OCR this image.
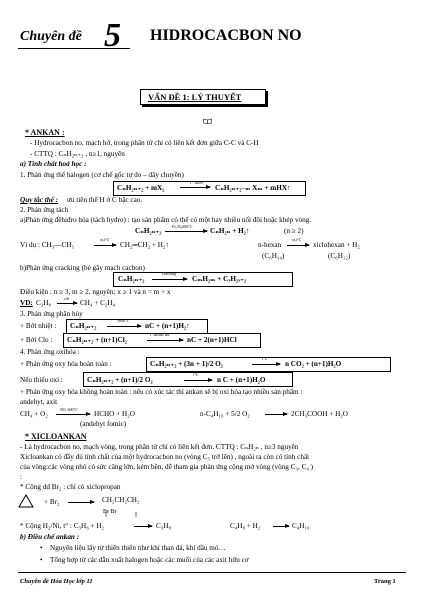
Chuyên đề 5 HIDROCACBON NO
VẤN ĐỀ 1: LÝ THUYẾT
* ANKAN :
- Hydrocacbon no, mạch hở, trong phân tử chỉ có liên kết đơn giữa C-C và C-H
- CTTQ : CₙH₂ₙ₊₂ , n≥1, nguyên
a) Tính chất hoá học :
1. Phản ứng thế halogen (cơ chế gốc tự do – dây chuyền)
CₙH₂ₙ₊₂ + mX₂
t°, ás/hν
CₙH₂ₙ₊₂₋ₘ Xₘ + mHX↑
Quy tắc thế : ưu tiên thế H ở C bậc cao.
2. Phản ứng tách
a)Phản ứng đềhiđro hóa (tách hydro) : tạo sản phẩm có thể có một hay nhiều nối đôi hoặc khép vòng.
CₙH₂ₙ₊₂
Fe,Ni,600°C
CₙH₂ₙ + H₂↑	(n ≥ 2)
Ví dụ : CH₃—CH₃
xt,t°C
CH₂═CH₂ + H₂↑	n-hexan
xt,t°C
xiclohexan + H₂
(C₆H₁₄)	(C₆H₁₂)
b)Phản ứng cracking (bẻ gãy mạch cacbon)
CₙH₂ₙ₊₂
cracking
CₘH₂ₘ + CₓH₂ₓ₊₂
Điều kiện : n ≥ 3, m ≥ 2, nguyên; x ≥ 1 và n = m + x
VD: C₃H₈
crk
CH₄ + C₂H₄
3. Phản ứng phân hủy
+ Bởi nhiệt : CₙH₂ₙ₊₂
1000°C
nC + (n+1)H₂↑
+ Bởi Clo : CₙH₂ₙ₊₂ + (n+1)Cl₂
t°,ás/xúc tác
nC + 2(n+1)HCl
4. Phản ứng oxihóa :
+ Phản ứng oxy hóa hoàn toàn :	CₙH₂ₙ₊₂ + (3n + 1)/2 O₂
t°C
n CO₂ + (n+1)H₂O
Nếu thiếu oxi :	CₙH₂ₙ₊₂ + (n+1)/2 O₂
t°C
n C + (n+1)H₂O
+ Phản ứng oxy hóa không hoàn toàn : nếu có xúc tác thì ankan sẽ bị oxi hóa tạo nhiều sản phẩm :
andehyt, axit
CH₄ + O₂
NO, 600°C
HCHO + H₂O
(andehyt fomic)
n-C₄H₁₀ + 5/2 O₂	2CH₃COOH + H₂O
* XICLOANKAN
- Là hydrocacbon no, mạch vòng, trong phân tử chỉ có liên kết đơn. CTTQ : CₙH₂ₙ , n≥3 nguyên
Xicloankan có đầy đủ tính chất của một hydrocacbon no (vòng C₅ trở lên) , ngoài ra còn có tính chất
của vòng:các vòng nhỏ có sức căng lớn, kém bền, dễ tham gia phản ứng cộng mở vòng (vòng C₃, C₄ )
:
* Cộng dd Br₂ : chỉ có xiclopropan
+ Br₂	CH₂CH₂CH₂
Br Br
* Cộng H₂/Ni, t° : C₃H₆ + H₂	C₃H₈	C₄H₈ + H₂	C₄H₁₀
b) Điều chế ankan :
• Nguyên liệu lấy từ thiên thiên như khí than đá, khí dầu mỏ…
• Tổng hợp từ các dẫn xuất halogen hoặc các muối của các axit hữu cơ
Chuyên đề Hóa Học lớp 11	Trang 1
